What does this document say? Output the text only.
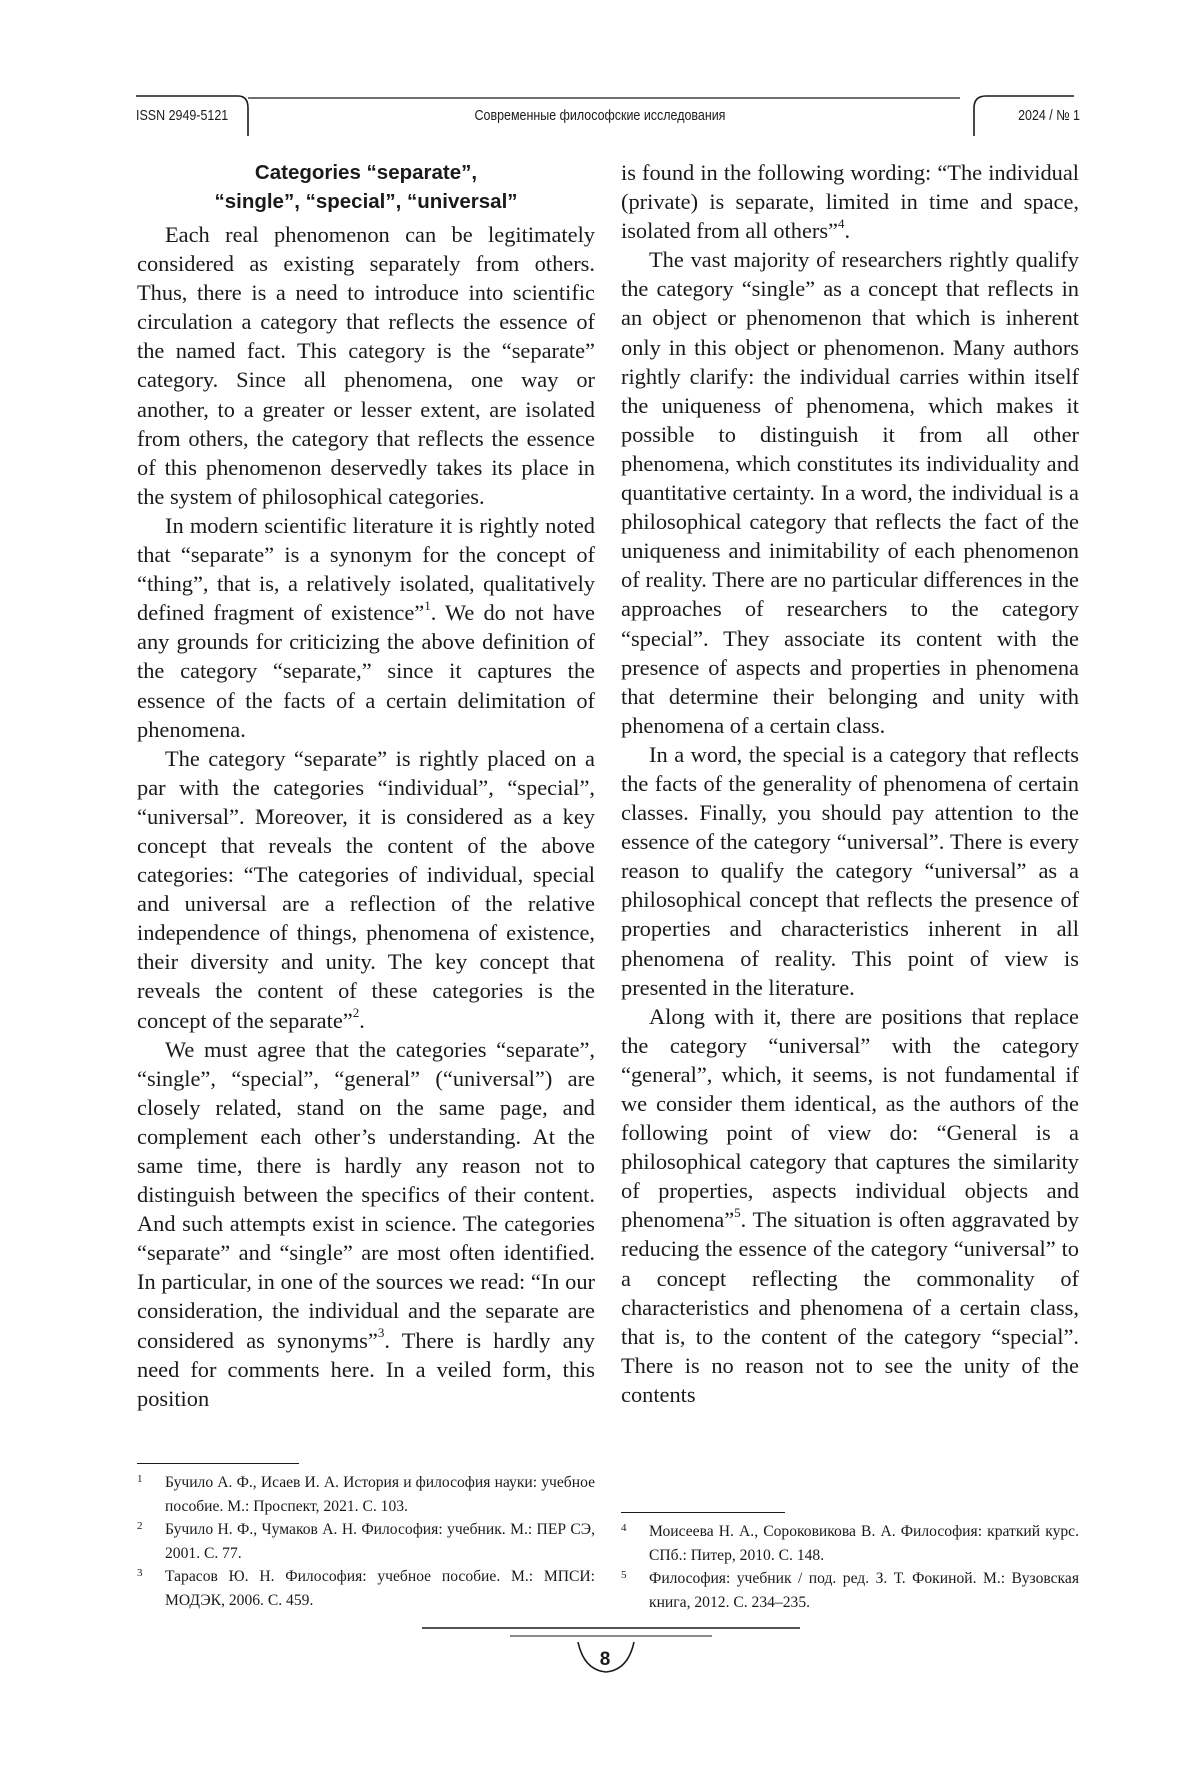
ISSN 2949-5121	Современные философские исследования	2024 / № 1
Categories “separate”,
“single”, “special”, “universal”

Each real phenomenon can be legitimately considered as existing separately from others. Thus, there is a need to introduce into scientific circulation a category that reflects the essence of the named fact. This category is the “separate” category. Since all phenomena, one way or another, to a greater or lesser extent, are isolated from others, the category that reflects the essence of this phenomenon deservedly takes its place in the system of philosophical categories.

In modern scientific literature it is rightly noted that “separate” is a synonym for the concept of “thing”, that is, a relatively isolated, qualitatively defined fragment of existence”$^1$. We do not have any grounds for criticizing the above definition of the category “separate,” since it captures the essence of the facts of a certain delimitation of phenomena.

The category “separate” is rightly placed on a par with the categories “individual”, “special”, “universal”. Moreover, it is considered as a key concept that reveals the content of the above categories: “The categories of individual, special and universal are a reflection of the relative independence of things, phenomena of existence, their diversity and unity. The key concept that reveals the content of these categories is the concept of the separate”$^2$.

We must agree that the categories “separate”, “single”, “special”, “general” (“universal”) are closely related, stand on the same page, and complement each other’s understanding. At the same time, there is hardly any reason not to distinguish between the specifics of their content. And such attempts exist in science. The categories “separate” and “single” are most often identified. In particular, in one of the sources we read: “In our consideration, the individual and the separate are considered as synonyms”$^3$. There is hardly any need for comments here. In a veiled form, this position

is found in the following wording: “The individual (private) is separate, limited in time and space, isolated from all others”$^4$.

The vast majority of researchers rightly qualify the category “single” as a concept that reflects in an object or phenomenon that which is inherent only in this object or phenomenon. Many authors rightly clarify: the individual carries within itself the uniqueness of phenomena, which makes it possible to distinguish it from all other phenomena, which constitutes its individuality and quantitative certainty. In a word, the individual is a philosophical category that reflects the fact of the uniqueness and inimitability of each phenomenon of reality. There are no particular differences in the approaches of researchers to the category “special”. They associate its content with the presence of aspects and properties in phenomena that determine their belonging and unity with phenomena of a certain class.

In a word, the special is a category that reflects the facts of the generality of phenomena of certain classes. Finally, you should pay attention to the essence of the category “universal”. There is every reason to qualify the category “universal” as a philosophical concept that reflects the presence of properties and characteristics inherent in all phenomena of reality. This point of view is presented in the literature.

Along with it, there are positions that replace the category “universal” with the category “general”, which, it seems, is not fundamental if we consider them identical, as the authors of the following point of view do: “General is a philosophical category that captures the similarity of properties, aspects individual objects and phenomena”$^5$. The situation is often aggravated by reducing the essence of the category “universal” to a concept reflecting the commonality of characteristics and phenomena of a certain class, that is, to the content of the category “special”. There is no reason not to see the unity of the contents

1	Бучило А. Ф., Исаев И. А. История и философия науки: учебное пособие. М.: Проспект, 2021. С. 103.
2	Бучило Н. Ф., Чумаков А. Н. Философия: учебник. М.: ПЕР СЭ, 2001. С. 77.
3	Тарасов Ю. Н. Философия: учебное пособие. М.: МПСИ: МОДЭК, 2006. С. 459.
4	Моисеева Н. А., Сороковикова В. А. Философия: краткий курс. СПб.: Питер, 2010. С. 148.
5	Философия: учебник / под. ред. З. Т. Фокиной. М.: Вузовская книга, 2012. С. 234–235.
8
